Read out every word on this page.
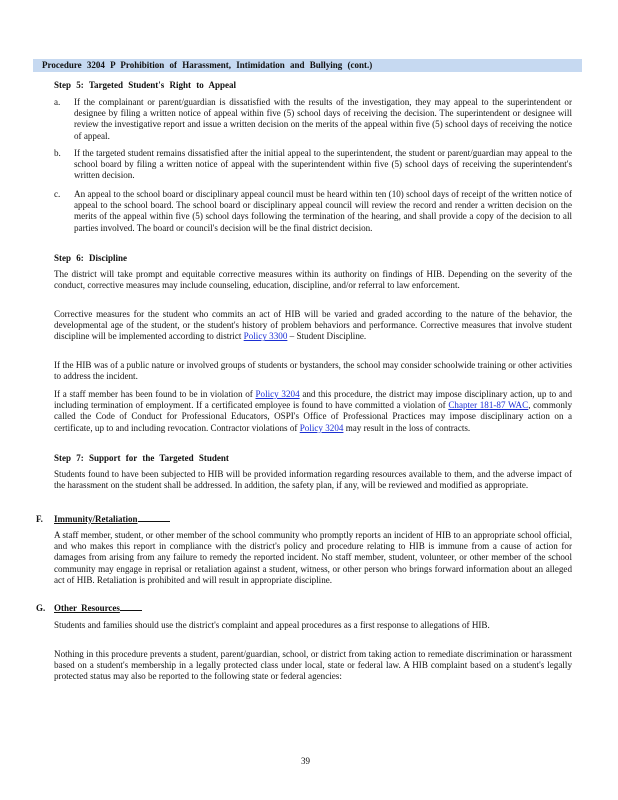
Procedure 3204 P Prohibition of Harassment, Intimidation and Bullying (cont.)
Step 5: Targeted Student's Right to Appeal
a. If the complainant or parent/guardian is dissatisfied with the results of the investigation, they may appeal to the superintendent or designee by filing a written notice of appeal within five (5) school days of receiving the decision. The superintendent or designee will review the investigative report and issue a written decision on the merits of the appeal within five (5) school days of receiving the notice of appeal.
b. If the targeted student remains dissatisfied after the initial appeal to the superintendent, the student or parent/guardian may appeal to the school board by filing a written notice of appeal with the superintendent within five (5) school days of receiving the superintendent's written decision.
c. An appeal to the school board or disciplinary appeal council must be heard within ten (10) school days of receipt of the written notice of appeal to the school board. The school board or disciplinary appeal council will review the record and render a written decision on the merits of the appeal within five (5) school days following the termination of the hearing, and shall provide a copy of the decision to all parties involved. The board or council's decision will be the final district decision.
Step 6: Discipline
The district will take prompt and equitable corrective measures within its authority on findings of HIB. Depending on the severity of the conduct, corrective measures may include counseling, education, discipline, and/or referral to law enforcement.
Corrective measures for the student who commits an act of HIB will be varied and graded according to the nature of the behavior, the developmental age of the student, or the student's history of problem behaviors and performance. Corrective measures that involve student discipline will be implemented according to district Policy 3300 – Student Discipline.
If the HIB was of a public nature or involved groups of students or bystanders, the school may consider schoolwide training or other activities to address the incident.
If a staff member has been found to be in violation of Policy 3204 and this procedure, the district may impose disciplinary action, up to and including termination of employment. If a certificated employee is found to have committed a violation of Chapter 181-87 WAC, commonly called the Code of Conduct for Professional Educators, OSPI's Office of Professional Practices may impose disciplinary action on a certificate, up to and including revocation. Contractor violations of Policy 3204 may result in the loss of contracts.
Step 7: Support for the Targeted Student
Students found to have been subjected to HIB will be provided information regarding resources available to them, and the adverse impact of the harassment on the student shall be addressed. In addition, the safety plan, if any, will be reviewed and modified as appropriate.
F. Immunity/Retaliation
A staff member, student, or other member of the school community who promptly reports an incident of HIB to an appropriate school official, and who makes this report in compliance with the district's policy and procedure relating to HIB is immune from a cause of action for damages from arising from any failure to remedy the reported incident. No staff member, student, volunteer, or other member of the school community may engage in reprisal or retaliation against a student, witness, or other person who brings forward information about an alleged act of HIB. Retaliation is prohibited and will result in appropriate discipline.
G. Other Resources
Students and families should use the district's complaint and appeal procedures as a first response to allegations of HIB.
Nothing in this procedure prevents a student, parent/guardian, school, or district from taking action to remediate discrimination or harassment based on a student's membership in a legally protected class under local, state or federal law. A HIB complaint based on a student's legally protected status may also be reported to the following state or federal agencies:
39
